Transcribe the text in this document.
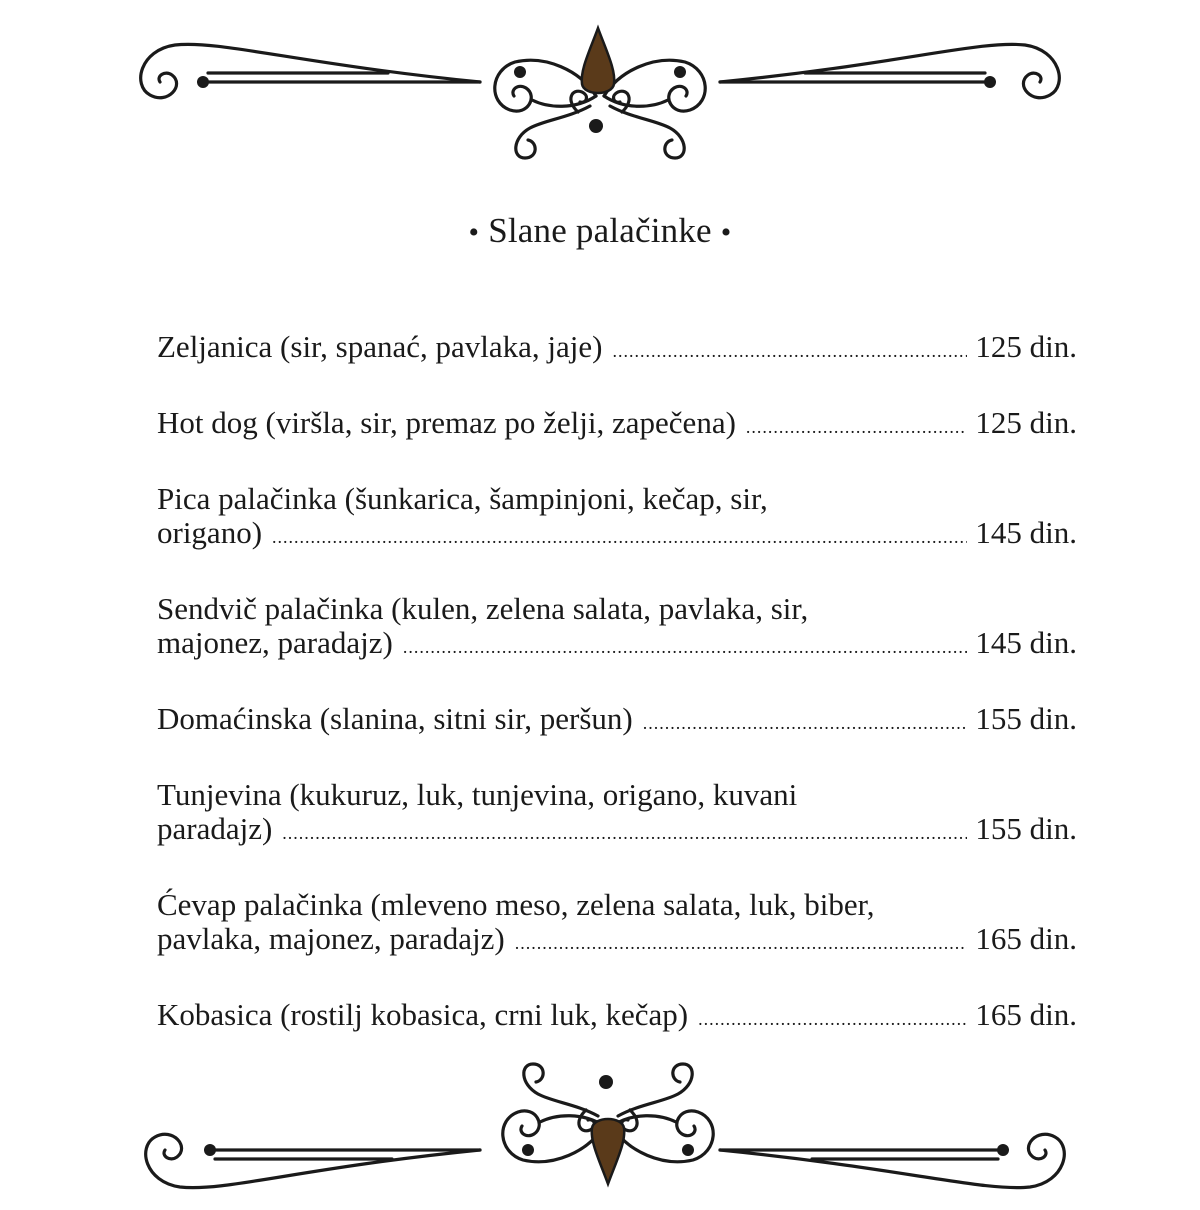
• Slane palačinke •
Zeljanica (sir, spanać, pavlaka, jaje) .....	125 din.
Hot dog (viršla, sir, premaz po želji, zapečena) .....	125 din.
Pica palačinka (šunkarica, šampinjoni, kečap, sir,
origano) .....	145 din.
Sendvič palačinka (kulen, zelena salata, pavlaka, sir,
majonez, paradajz) .....	145 din.
Domaćinska (slanina, sitni sir, peršun) .....	155 din.
Tunjevina (kukuruz, luk, tunjevina, origano, kuvani
paradajz) .....	155 din.
Ćevap palačinka (mleveno meso, zelena salata, luk, biber,
pavlaka, majonez, paradajz) .....	165 din.
Kobasica (rostilj kobasica, crni luk, kečap) .....	165 din.
